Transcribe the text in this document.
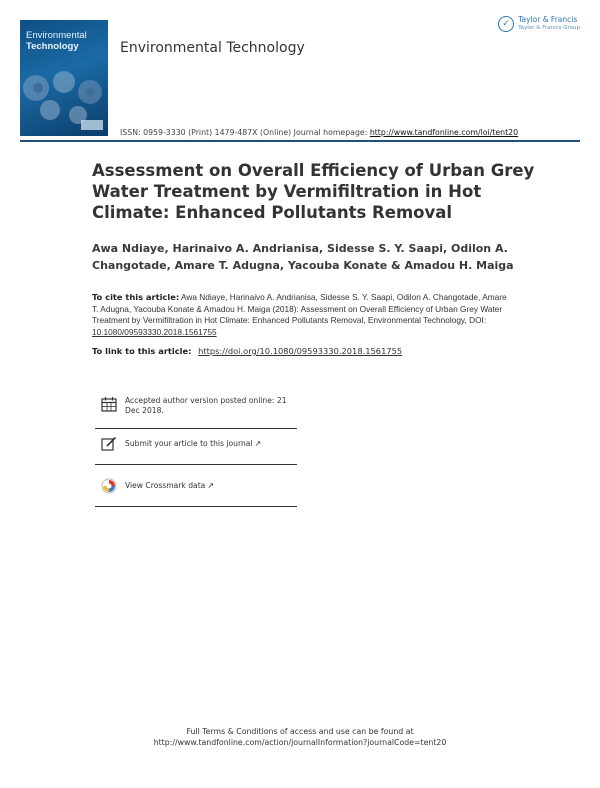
Environmental
Technology	Environmental Technology
✓	Taylor & Francis
Taylor & Francis Group
ISSN: 0959-3330 (Print) 1479-487X (Online) Journal homepage: http://www.tandfonline.com/loi/tent20
Assessment on Overall Efficiency of Urban Grey Water Treatment by Vermifiltration in Hot Climate: Enhanced Pollutants Removal
Awa Ndiaye, Harinaivo A. Andrianisa, Sidesse S. Y. Saapi, Odilon A. Changotade, Amare T. Adugna, Yacouba Konate & Amadou H. Maiga
To cite this article: Awa Ndiaye, Harinaivo A. Andrianisa, Sidesse S. Y. Saapi, Odilon A. Changotade, Amare T. Adugna, Yacouba Konate & Amadou H. Maiga (2018): Assessment on Overall Efficiency of Urban Grey Water Treatment by Vermifiltration in Hot Climate: Enhanced Pollutants Removal, Environmental Technology, DOI: 10.1080/09593330.2018.1561755
To link to this article: https://doi.org/10.1080/09593330.2018.1561755
Accepted author version posted online: 21 Dec 2018.
Submit your article to this journal ↗
View Crossmark data ↗
Full Terms & Conditions of access and use can be found at
http://www.tandfonline.com/action/journalInformation?journalCode=tent20
